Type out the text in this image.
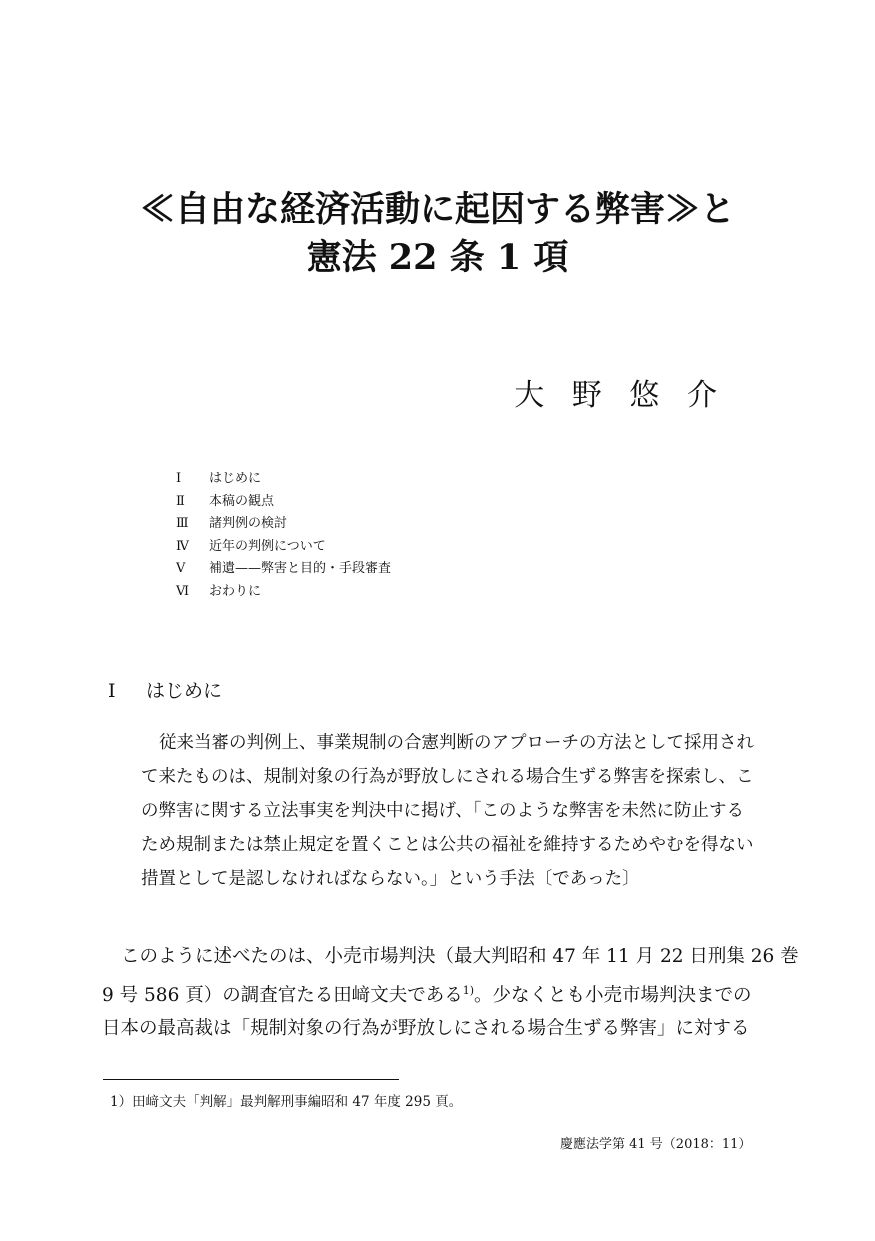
≪自由な経済活動に起因する弊害≫と
憲法 22 条 1 項
大野悠介
Ⅰ はじめに
Ⅱ 本稿の観点
Ⅲ 諸判例の検討
Ⅳ 近年の判例について
Ⅴ 補遺——弊害と目的・手段審査
Ⅵ おわりに
Ⅰ はじめに
従来当審の判例上、事業規制の合憲判断のアプローチの方法として採用され
て来たものは、規制対象の行為が野放しにされる場合生ずる弊害を探索し、こ
の弊害に関する立法事実を判決中に掲げ、「このような弊害を未然に防止する
ため規制または禁止規定を置くことは公共の福祉を維持するためやむを得ない
措置として是認しなければならない。」という手法〔であった〕
このように述べたのは、小売市場判決（最大判昭和 47 年 11 月 22 日刑集 26 巻
9 号 586 頁）の調査官たる田﨑文夫である$^{1)}$。少なくとも小売市場判決までの
日本の最高裁は「規制対象の行為が野放しにされる場合生ずる弊害」に対する
1）田﨑文夫「判解」最判解刑事編昭和 47 年度 295 頁。
慶應法学第 41 号（2018：11）
